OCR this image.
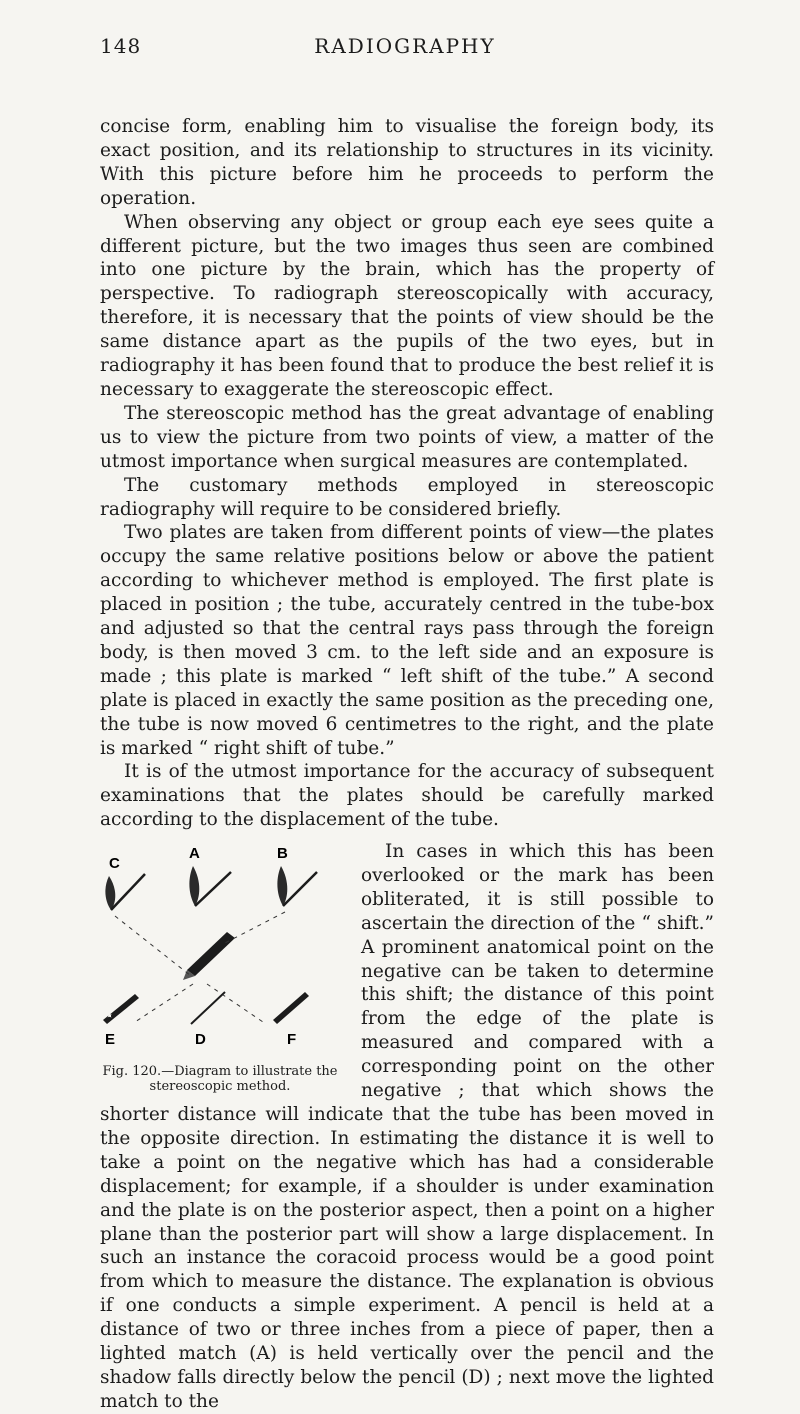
148	RADIOGRAPHY

concise form, enabling him to visualise the foreign body, its exact position, and its relationship to structures in its vicinity. With this picture before him he proceeds to perform the operation.

When observing any object or group each eye sees quite a different picture, but the two images thus seen are combined into one picture by the brain, which has the property of perspective. To radiograph stereoscopically with accuracy, therefore, it is necessary that the points of view should be the same distance apart as the pupils of the two eyes, but in radiography it has been found that to produce the best relief it is necessary to exaggerate the stereoscopic effect.

The stereoscopic method has the great advantage of enabling us to view the picture from two points of view, a matter of the utmost importance when surgical measures are contemplated.

The customary methods employed in stereoscopic radiography will require to be considered briefly.

Two plates are taken from different points of view—the plates occupy the same relative positions below or above the patient according to whichever method is employed. The first plate is placed in position ; the tube, accurately centred in the tube-box and adjusted so that the central rays pass through the foreign body, is then moved 3 cm. to the left side and an exposure is made ; this plate is marked “ left shift of the tube.” A second plate is placed in exactly the same position as the preceding one, the tube is now moved 6 centimetres to the right, and the plate is marked “ right shift of tube.”

It is of the utmost importance for the accuracy of subsequent examinations that the plates should be carefully marked according to the displacement of the tube.

C
A	B
E	D	F
✦
Fig. 120.—Diagram to illustrate the stereoscopic method.

In cases in which this has been overlooked or the mark has been obliterated, it is still possible to ascertain the direction of the “ shift.” A prominent anatomical point on the negative can be taken to determine this shift; the distance of this point from the edge of the plate is measured and compared with a corresponding point on the other negative ; that which shows the shorter distance will indicate that the tube has been moved in the opposite direction. In estimating the distance it is well to take a point on the negative which has had a considerable displacement; for example, if a shoulder is under examination and the plate is on the posterior aspect, then a point on a higher plane than the posterior part will show a large displacement. In such an instance the coracoid process would be a good point from which to measure the distance. The explanation is obvious if one conducts a simple experiment. A pencil is held at a distance of two or three inches from a piece of paper, then a lighted match (A) is held vertically over the pencil and the shadow falls directly below the pencil (D) ; next move the lighted match to the
